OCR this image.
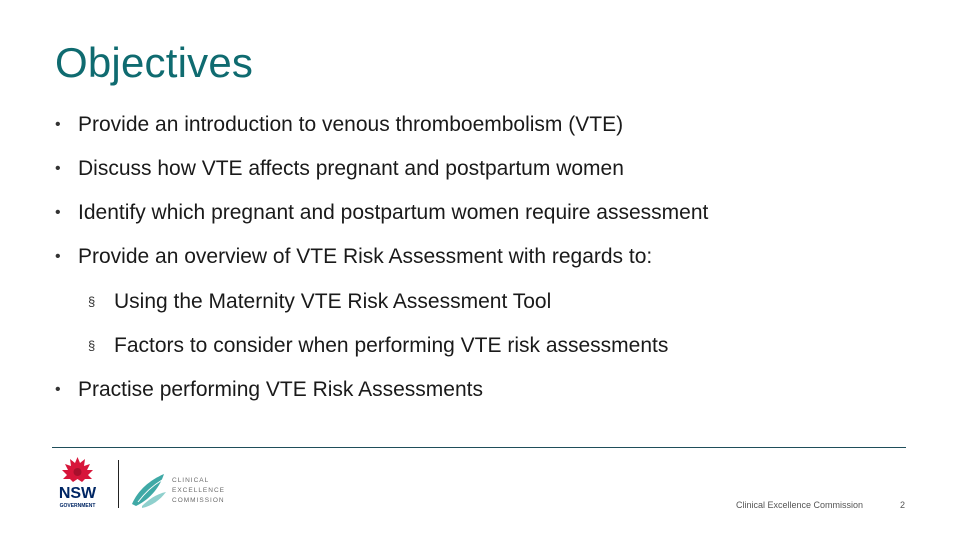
Objectives
• Provide an introduction to venous thromboembolism (VTE)
• Discuss how VTE affects pregnant and postpartum women
• Identify which pregnant and postpartum women require assessment
• Provide an overview of VTE Risk Assessment with regards to:
§ Using the Maternity VTE Risk Assessment Tool
§ Factors to consider when performing VTE risk assessments
• Practise performing VTE Risk Assessments
NSW
GOVERNMENT
CLINICAL
EXCELLENCE
COMMISSION	Clinical Excellence Commission	2
